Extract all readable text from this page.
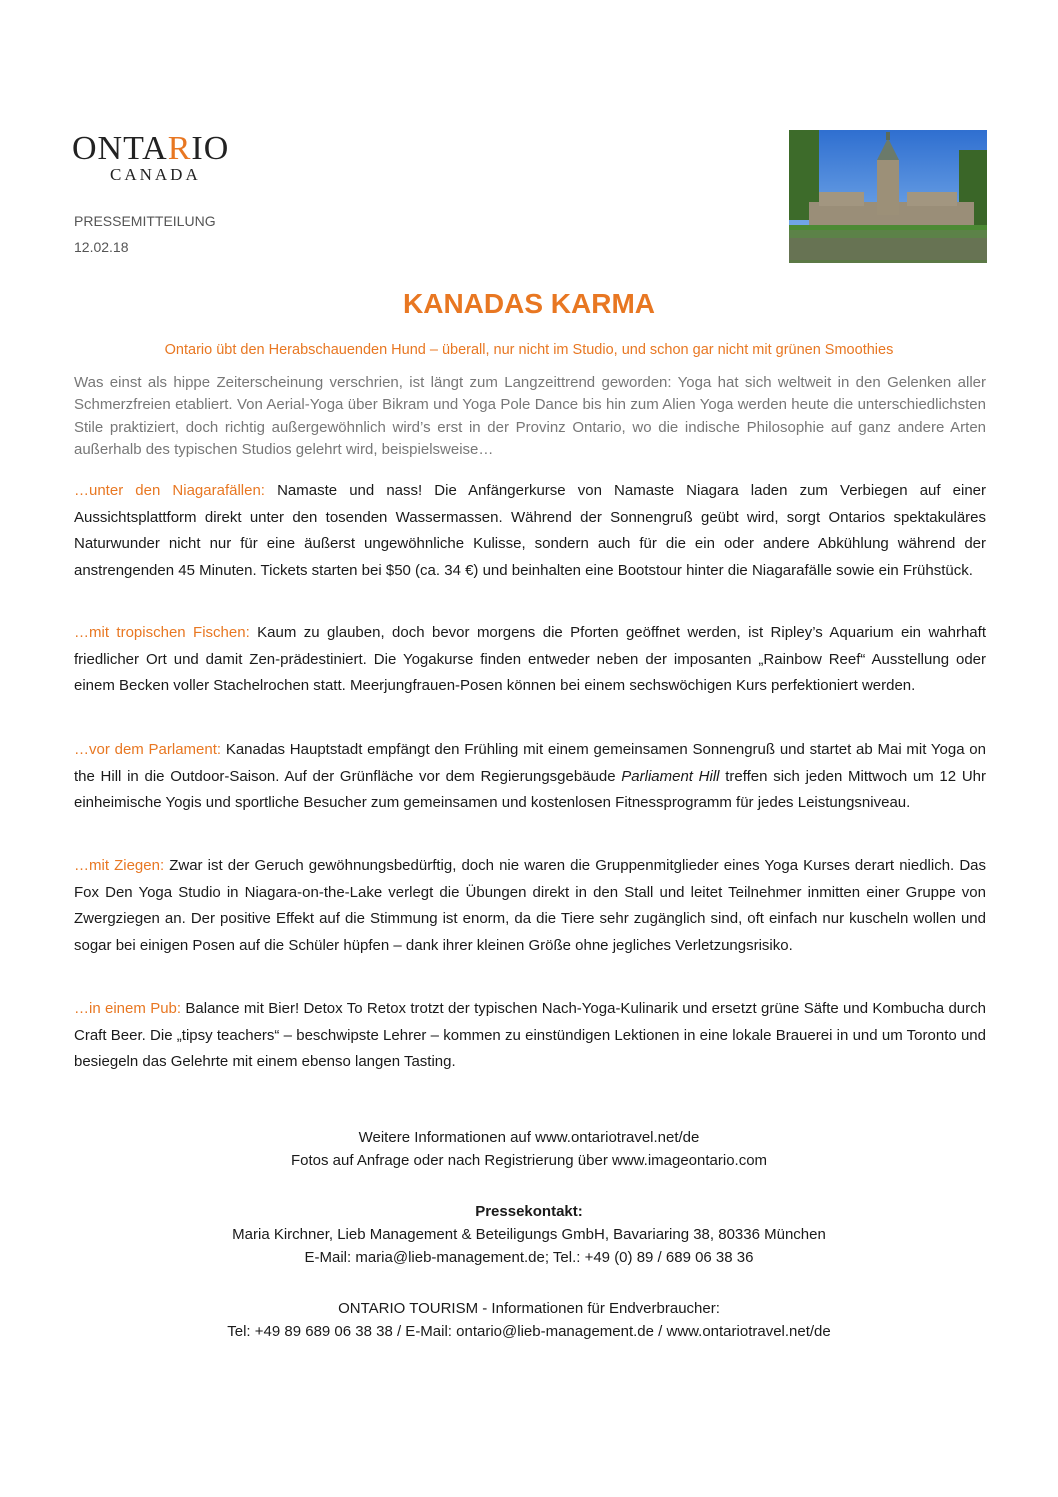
ONTARIO
CANADA
PRESSEMITTEILUNG
12.02.18
KANADAS KARMA
Ontario übt den Herabschauenden Hund – überall, nur nicht im Studio, und schon gar nicht mit grünen Smoothies
Was einst als hippe Zeiterscheinung verschrien, ist längt zum Langzeittrend geworden: Yoga hat sich weltweit in den Gelenken aller Schmerzfreien etabliert. Von Aerial-Yoga über Bikram und Yoga Pole Dance bis hin zum Alien Yoga werden heute die unterschiedlichsten Stile praktiziert, doch richtig außergewöhnlich wird’s erst in der Provinz Ontario, wo die indische Philosophie auf ganz andere Arten außerhalb des typischen Studios gelehrt wird, beispielsweise…
…unter den Niagarafällen: Namaste und nass! Die Anfängerkurse von Namaste Niagara laden zum Verbiegen auf einer Aussichtsplattform direkt unter den tosenden Wassermassen. Während der Sonnengruß geübt wird, sorgt Ontarios spektakuläres Naturwunder nicht nur für eine äußerst ungewöhnliche Kulisse, sondern auch für die ein oder andere Abkühlung während der anstrengenden 45 Minuten. Tickets starten bei $50 (ca. 34 €) und beinhalten eine Bootstour hinter die Niagarafälle sowie ein Frühstück.
…mit tropischen Fischen: Kaum zu glauben, doch bevor morgens die Pforten geöffnet werden, ist Ripley’s Aquarium ein wahrhaft friedlicher Ort und damit Zen-prädestiniert. Die Yogakurse finden entweder neben der imposanten „Rainbow Reef“ Ausstellung oder einem Becken voller Stachelrochen statt. Meerjungfrauen-Posen können bei einem sechswöchigen Kurs perfektioniert werden.
…vor dem Parlament: Kanadas Hauptstadt empfängt den Frühling mit einem gemeinsamen Sonnengruß und startet ab Mai mit Yoga on the Hill in die Outdoor-Saison. Auf der Grünfläche vor dem Regierungsgebäude Parliament Hill treffen sich jeden Mittwoch um 12 Uhr einheimische Yogis und sportliche Besucher zum gemeinsamen und kostenlosen Fitnessprogramm für jedes Leistungsniveau.
…mit Ziegen: Zwar ist der Geruch gewöhnungsbedürftig, doch nie waren die Gruppenmitglieder eines Yoga Kurses derart niedlich. Das Fox Den Yoga Studio in Niagara-on-the-Lake verlegt die Übungen direkt in den Stall und leitet Teilnehmer inmitten einer Gruppe von Zwergziegen an. Der positive Effekt auf die Stimmung ist enorm, da die Tiere sehr zugänglich sind, oft einfach nur kuscheln wollen und sogar bei einigen Posen auf die Schüler hüpfen – dank ihrer kleinen Größe ohne jegliches Verletzungsrisiko.
…in einem Pub: Balance mit Bier! Detox To Retox trotzt der typischen Nach-Yoga-Kulinarik und ersetzt grüne Säfte und Kombucha durch Craft Beer. Die „tipsy teachers“ – beschwipste Lehrer – kommen zu einstündigen Lektionen in eine lokale Brauerei in und um Toronto und besiegeln das Gelehrte mit einem ebenso langen Tasting.
Weitere Informationen auf www.ontariotravel.net/de
Fotos auf Anfrage oder nach Registrierung über www.imageontario.com
Pressekontakt:
Maria Kirchner, Lieb Management & Beteiligungs GmbH, Bavariaring 38, 80336 München
E-Mail: maria@lieb-management.de; Tel.: +49 (0) 89 / 689 06 38 36
ONTARIO TOURISM - Informationen für Endverbraucher:
Tel: +49 89 689 06 38 38 / E-Mail: ontario@lieb-management.de / www.ontariotravel.net/de
